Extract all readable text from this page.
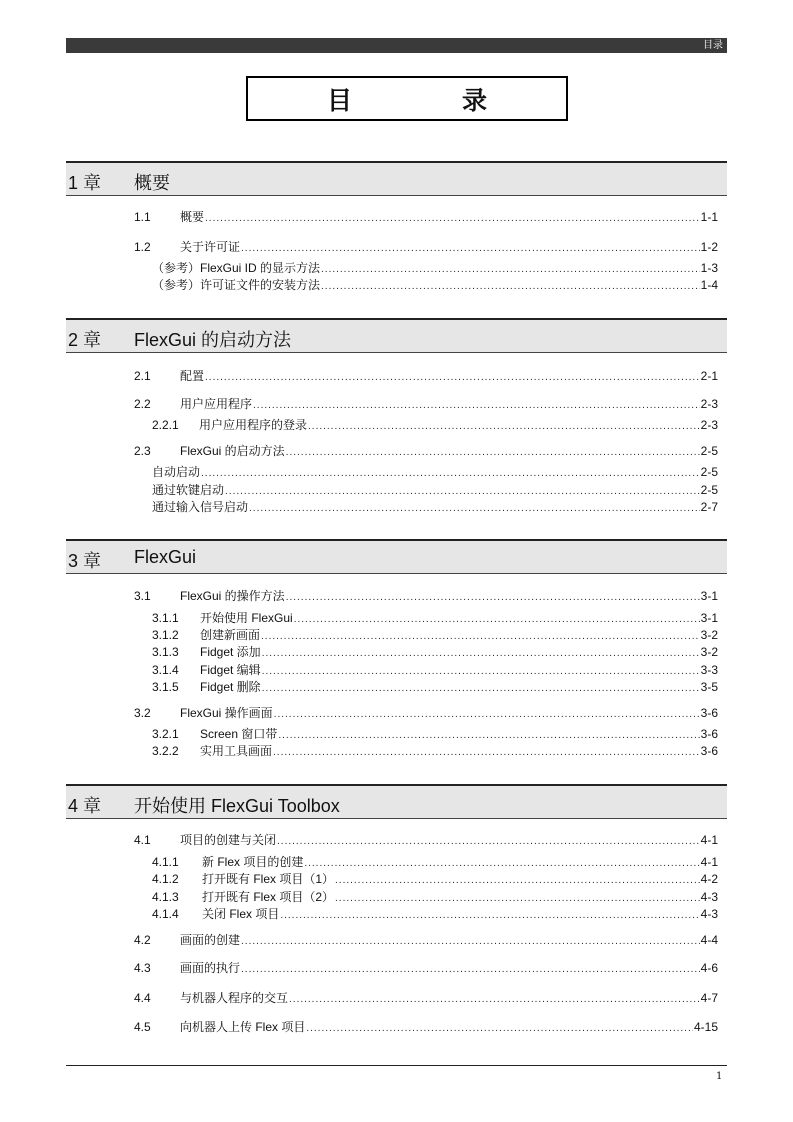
目录
目	录
1 章 概要
1.1	概要 .....	1-1
1.2	关于许可证 .....	1-2
（参考）FlexGui ID 的显示方法 .....	1-3
（参考）许可证文件的安装方法 .....	1-4
2 章 FlexGui 的启动方法
2.1	配置 .....	2-1
2.2	用户应用程序 .....	2-3
2.2.1	用户应用程序的登录 .....	2-3
2.3	FlexGui 的启动方法 .....	2-5
自动启动 .....	2-5
通过软键启动 .....	2-5
通过输入信号启动 .....	2-7
3 章 FlexGui
3.1	FlexGui 的操作方法 .....	3-1
3.1.1	开始使用 FlexGui .....	3-1
3.1.2	创建新画面 .....	3-2
3.1.3	Fidget 添加 .....	3-2
3.1.4	Fidget 编辑 .....	3-3
3.1.5	Fidget 删除 .....	3-5
3.2	FlexGui 操作画面 .....	3-6
3.2.1	Screen 窗口带 .....	3-6
3.2.2	实用工具画面 .....	3-6
4 章 开始使用 FlexGui Toolbox
4.1	项目的创建与关闭 .....	4-1
4.1.1	新 Flex 项目的创建 .....	4-1
4.1.2	打开既有 Flex 项目（1） .....	4-2
4.1.3	打开既有 Flex 项目（2） .....	4-3
4.1.4	关闭 Flex 项目 .....	4-3
4.2	画面的创建 .....	4-4
4.3	画面的执行 .....	4-6
4.4	与机器人程序的交互 .....	4-7
4.5	向机器人上传 Flex 项目 .....	4-15
1
